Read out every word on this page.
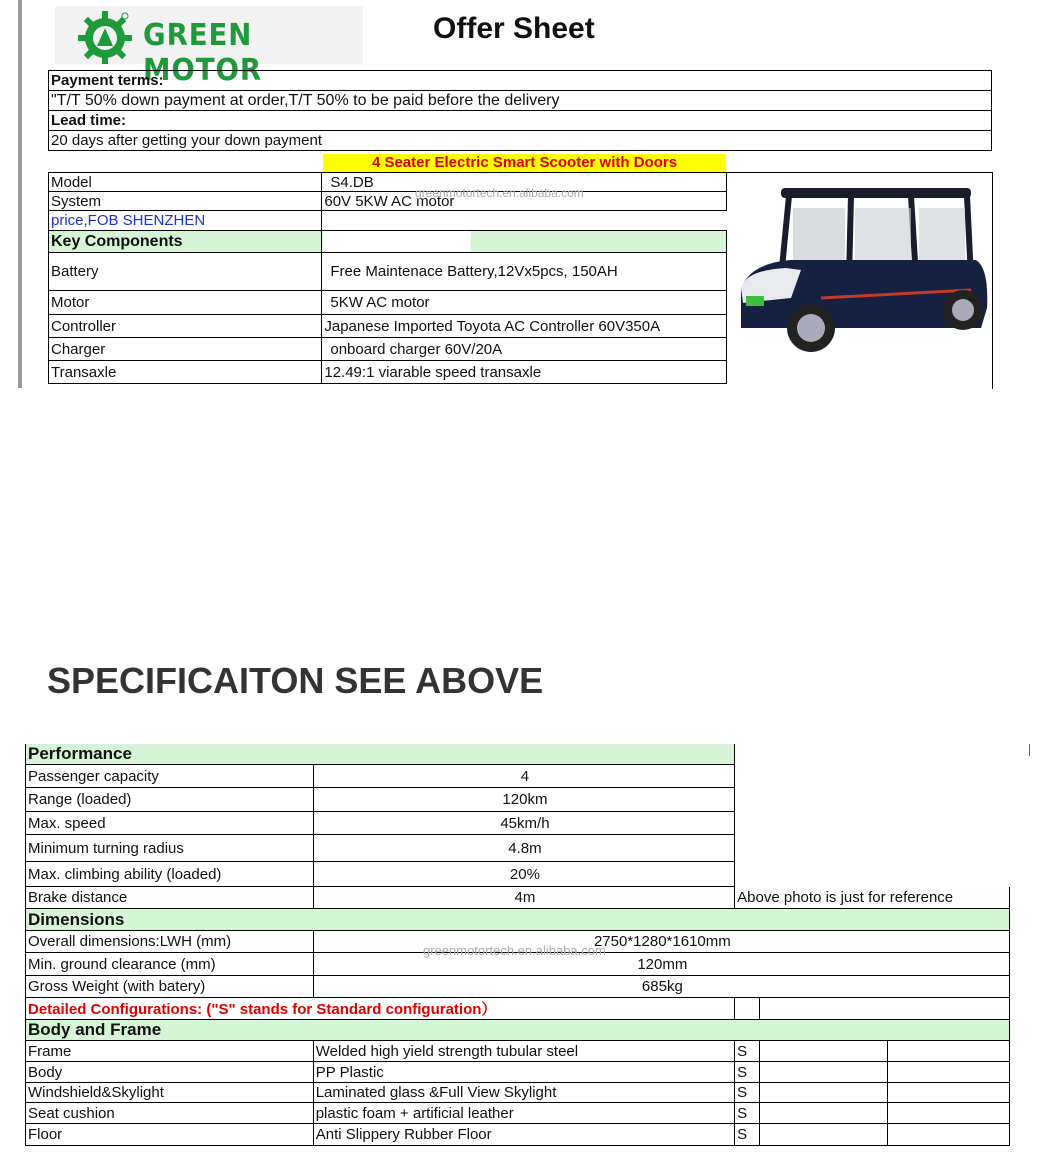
GREEN MOTOR
Offer Sheet
Payment terms:
"T/T 50% down payment at order,T/T 50% to be paid before the delivery
Lead time:
20 days after getting your down payment
4 Seater Electric Smart Scooter with Doors
Model	S4.DB
System	60V 5KW AC motor
price,FOB SHENZHEN	
Key Components	
Battery	Free Maintenace Battery,12Vx5pcs, 150AH
Motor	5KW AC motor
Controller	Japanese Imported Toyota AC Controller 60V350A
Charger	onboard charger 60V/20A
Transaxle	12.49:1 viarable speed transaxle
greenmotortech.en.alibaba.com
SPECIFICAITON SEE ABOVE
Performance				
Passenger capacity	4			
Range (loaded)	120km			
Max. speed	45km/h			
Minimum turning radius	4.8m			
Max. climbing ability (loaded)	20%			
Brake distance	4m	Above photo is just for reference		
Dimensions				
Overall dimensions:LWH (mm)	2750*1280*1610mm			
Min. ground clearance (mm)	120mm			
Gross Weight (with batery)	685kg			
Detailed Configurations: ("S" stands for Standard configuration）				
Body and Frame				
Frame	Welded high yield strength tubular steel	S		
Body	PP Plastic	S		
Windshield&Skylight	Laminated glass &Full View Skylight	S		
Seat cushion	plastic foam + artificial leather	S		
Floor	Anti Slippery Rubber Floor	S		
greenmotortech.en.alibaba.com
